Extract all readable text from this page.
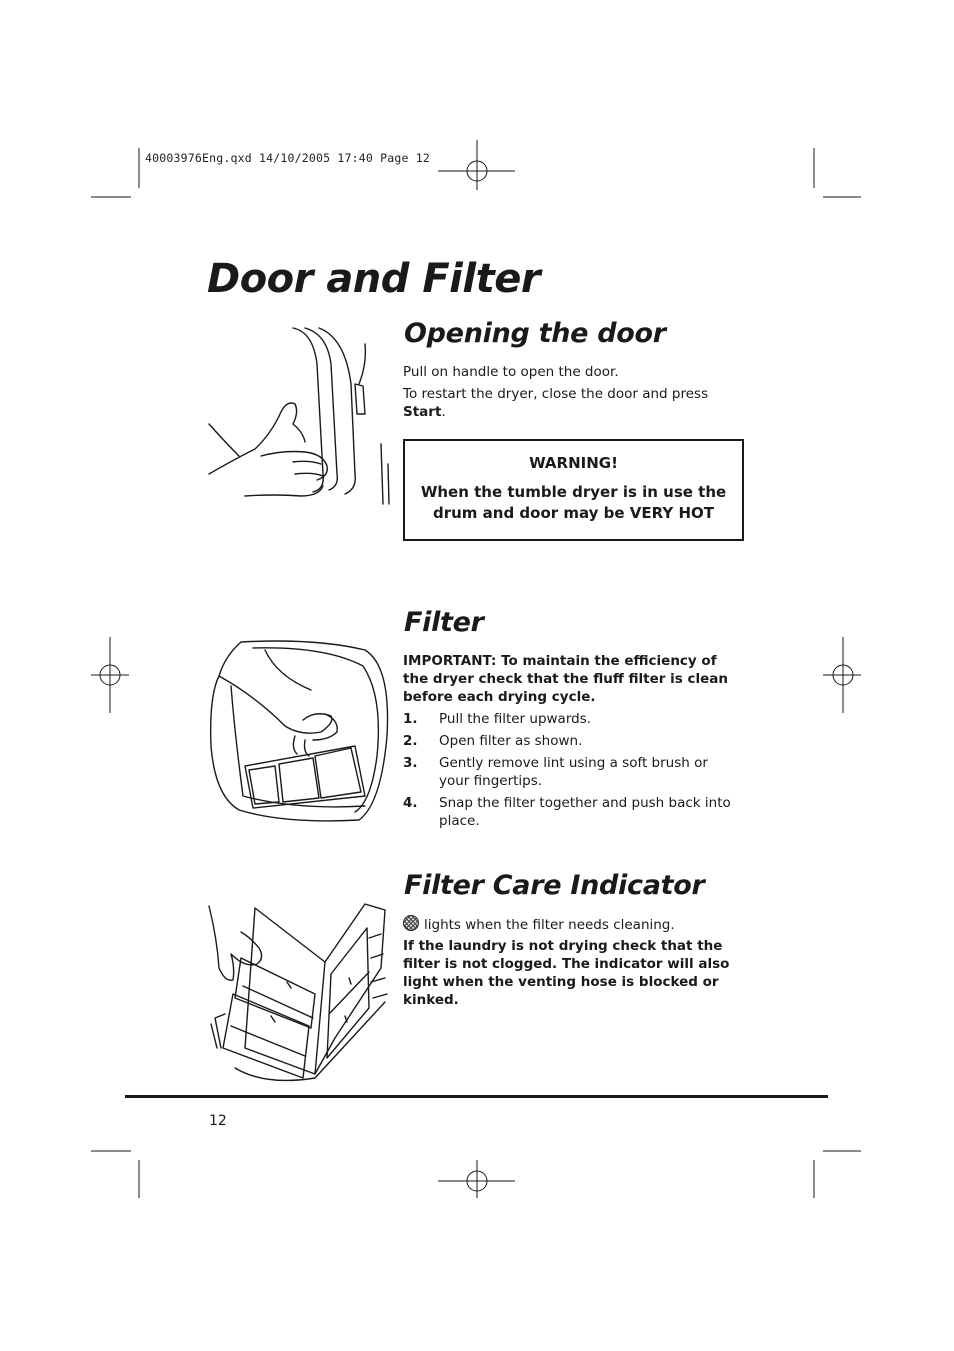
40003976Eng.qxd 14/10/2005 17:40 Page 12
Door and Filter
Opening the door
Pull on handle to open the door.
To restart the dryer, close the door and press Start.
WARNING!
When the tumble dryer is in use the drum and door may be VERY HOT
Filter
IMPORTANT: To maintain the efficiency of the dryer check that the fluff filter is clean before each drying cycle.
1. Pull the filter upwards.
2. Open filter as shown.
3. Gently remove lint using a soft brush or your fingertips.
4. Snap the filter together and push back into place.
Filter Care Indicator
lights when the filter needs cleaning.
If the laundry is not drying check that the filter is not clogged. The indicator will also light when the venting hose is blocked or kinked.
12
